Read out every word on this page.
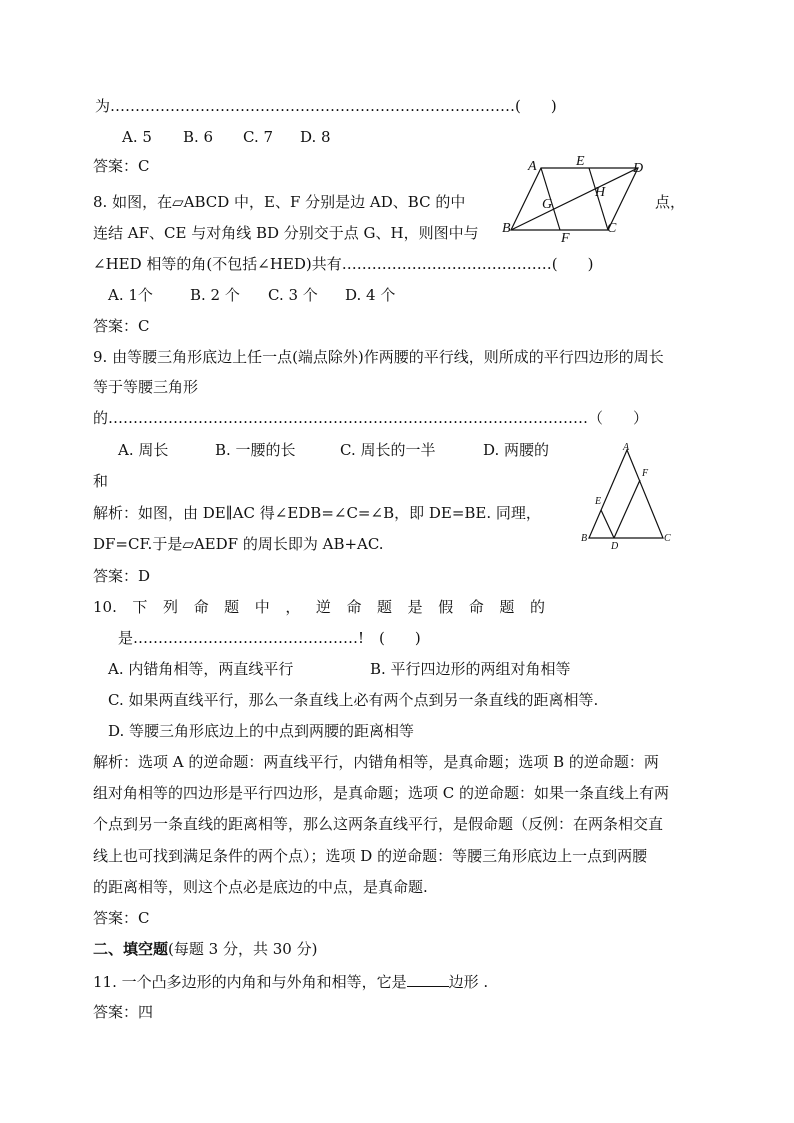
为………………………………………………………………………(　　)
A. 5 B. 6 C. 7 D. 8
答案：C
8. 如图，在▱ABCD 中，E、F 分别是边 AD、BC 的中	点，
连结 AF、CE 与对角线 BD 分别交于点 G、H，则图中与
∠HED 相等的角(不包括∠HED)共有……………………………………(　　)
A. 1个 B. 2 个 C. 3 个 D. 4 个
答案：C
A	E	D
H
G
B
F
C
9. 由等腰三角形底边上任一点(端点除外)作两腰的平行线，则所成的平行四边形的周长
等于等腰三角形
的……………………………………………………………………………………（　　）
A. 周长	B. 一腰的长	C. 周长的一半	D. 两腰的
和
解析：如图，由 DE∥AC 得∠EDB=∠C=∠B，即 DE=BE. 同理，
DF=CF.于是▱AEDF 的周长即为 AB+AC.
答案：D
A
F
E
B
D
C
10. 下 列 命 题 中 ， 逆 命 题 是 假 命 题 的
是………………………………………!　(　　)
A. 内错角相等，两直线平行	B. 平行四边形的两组对角相等
C. 如果两直线平行，那么一条直线上必有两个点到另一条直线的距离相等.
D. 等腰三角形底边上的中点到两腰的距离相等
解析：选项 A 的逆命题：两直线平行，内错角相等，是真命题；选项 B 的逆命题：两
组对角相等的四边形是平行四边形，是真命题；选项 C 的逆命题：如果一条直线上有两
个点到另一条直线的距离相等，那么这两条直线平行，是假命题（反例：在两条相交直
线上也可找到满足条件的两个点）；选项 D 的逆命题：等腰三角形底边上一点到两腰
的距离相等，则这个点必是底边的中点，是真命题.
答案：C
二、填空题(每题 3 分，共 30 分)
11. 一个凸多边形的内角和与外角和相等，它是	边形 .
答案：四
